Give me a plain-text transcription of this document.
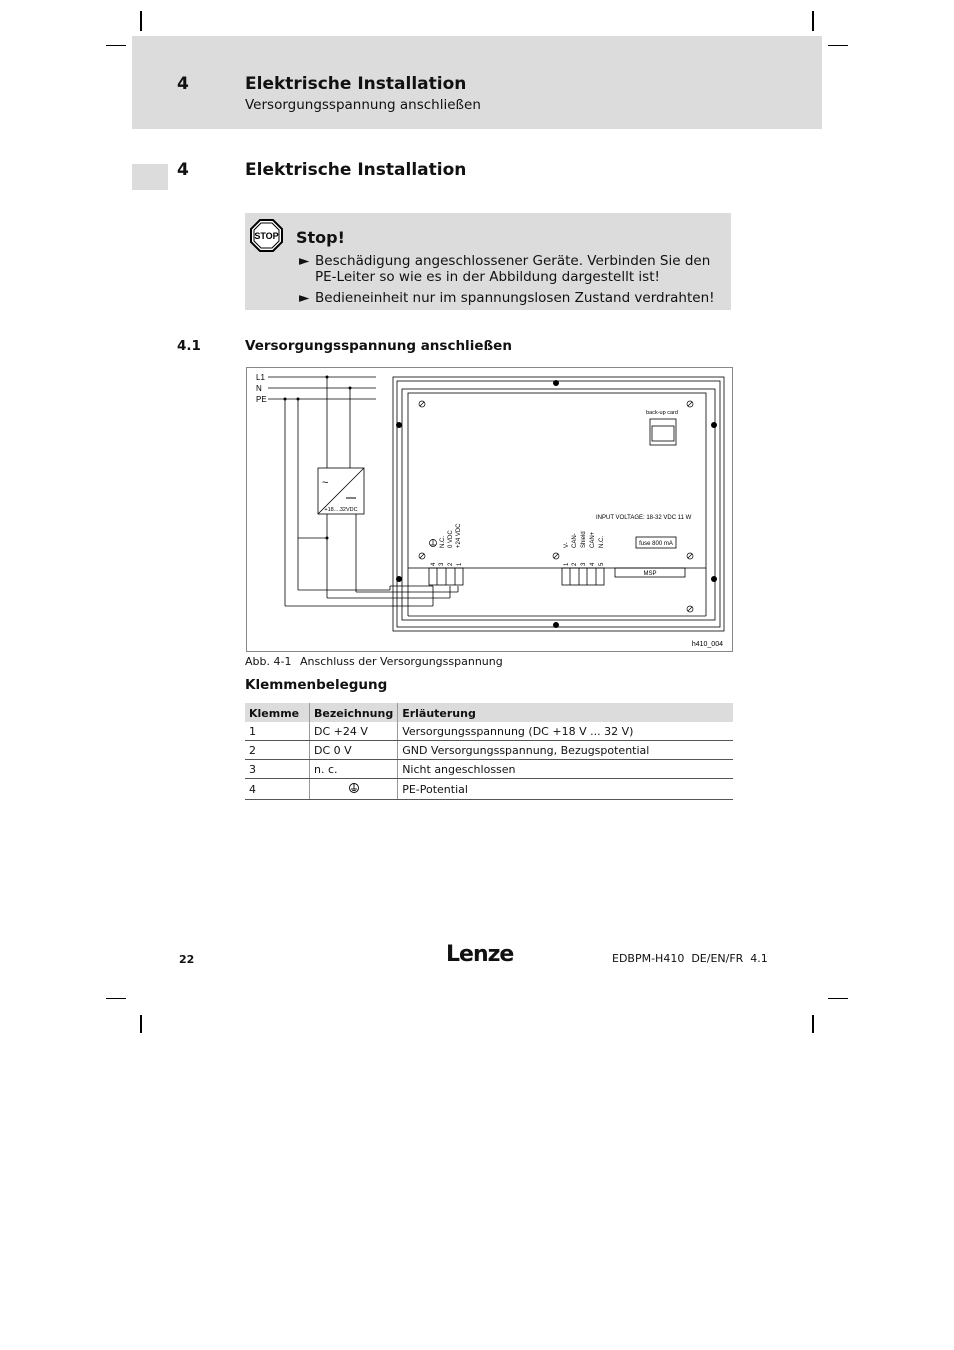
4	Elektrische Installation
Versorgungsspannung anschließen
4	Elektrische Installation
STOP Stop!
► Beschädigung angeschlossener Geräte. Verbinden Sie den
PE-Leiter so wie es in der Abbildung dargestellt ist!
► Bedieneinheit nur im spannungslosen Zustand verdrahten!
4.1	Versorgungsspannung anschließen
L1
N
PE
~
+18....32VDC
back-up card
INPUT VOLTAGE: 18-32 VDC 11 W
fuse 800 mA
MSP
N.C. 0 VDC +24 VDC
4 3 2 1
V- CAN- Shield CAN+ N.C.
1 2 3 4 5
h410_004
Abb. 4-1 Anschluss der Versorgungsspannung
Klemmenbelegung
Klemme	Bezeichnung	Erläuterung
1	DC +24 V	Versorgungsspannung (DC +18 V ... 32 V)
2	DC 0 V	GND Versorgungsspannung, Bezugspotential
3	n. c.	Nicht angeschlossen
4		PE-Potential
22	Lenze	EDBPM-H410  DE/EN/FR  4.1
